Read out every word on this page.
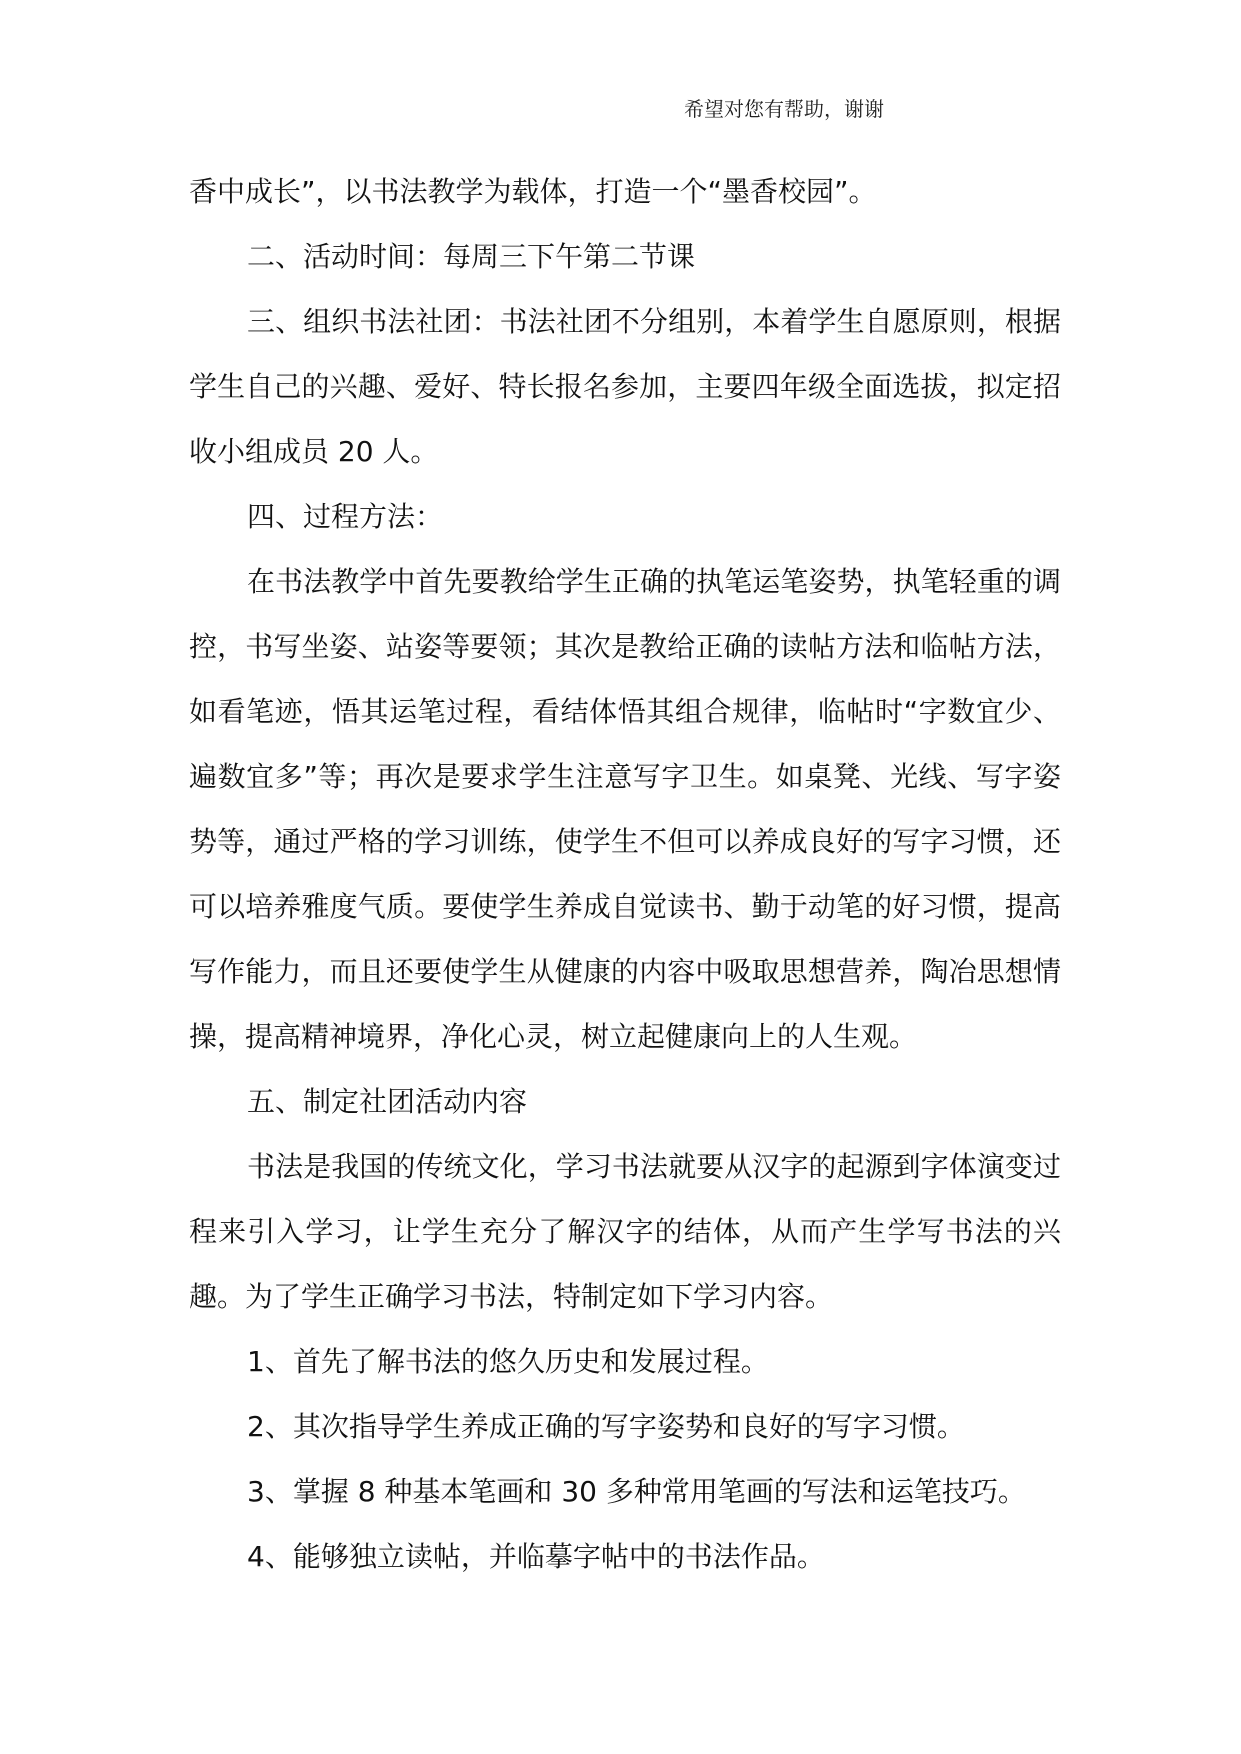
希望对您有帮助，谢谢

香中成长”，以书法教学为载体，打造一个“墨香校园”。

二、活动时间：每周三下午第二节课

三、组织书法社团：书法社团不分组别，本着学生自愿原则，根据学生自己的兴趣、爱好、特长报名参加，主要四年级全面选拔，拟定招收小组成员 20 人。

四、过程方法：

在书法教学中首先要教给学生正确的执笔运笔姿势，执笔轻重的调控，书写坐姿、站姿等要领；其次是教给正确的读帖方法和临帖方法，如看笔迹，悟其运笔过程，看结体悟其组合规律，临帖时“字数宜少、遍数宜多”等；再次是要求学生注意写字卫生。如桌凳、光线、写字姿势等，通过严格的学习训练，使学生不但可以养成良好的写字习惯，还可以培养雅度气质。要使学生养成自觉读书、勤于动笔的好习惯，提高写作能力，而且还要使学生从健康的内容中吸取思想营养，陶冶思想情操，提高精神境界，净化心灵，树立起健康向上的人生观。

五、制定社团活动内容

书法是我国的传统文化，学习书法就要从汉字的起源到字体演变过程来引入学习，让学生充分了解汉字的结体，从而产生学写书法的兴趣。为了学生正确学习书法，特制定如下学习内容。

1、首先了解书法的悠久历史和发展过程。

2、其次指导学生养成正确的写字姿势和良好的写字习惯。

3、掌握 8 种基本笔画和 30 多种常用笔画的写法和运笔技巧。

4、能够独立读帖，并临摹字帖中的书法作品。
